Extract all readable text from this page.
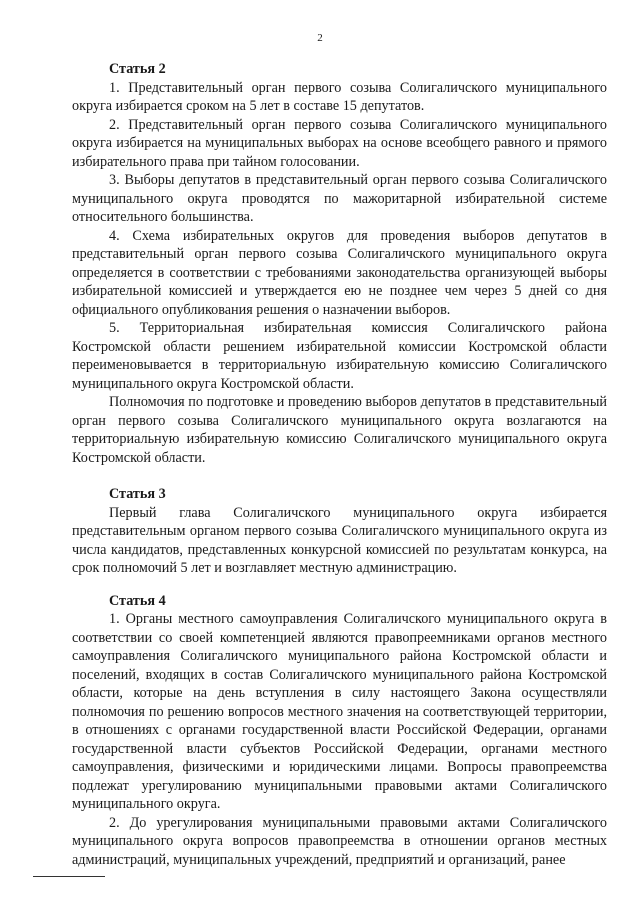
2

Статья 2

1. Представительный орган первого созыва Солигаличского муниципального округа избирается сроком на 5 лет в составе 15 депутатов.

2. Представительный орган первого созыва Солигаличского муниципального округа избирается на муниципальных выборах на основе всеобщего равного и прямого избирательного права при тайном голосовании.

3. Выборы депутатов в представительный орган первого созыва Солигаличского муниципального округа проводятся по мажоритарной избирательной системе относительного большинства.

4. Схема избирательных округов для проведения выборов депутатов в представительный орган первого созыва Солигаличского муниципального округа определяется в соответствии с требованиями законодательства организующей выборы избирательной комиссией и утверждается ею не позднее чем через 5 дней со дня официального опубликования решения о назначении выборов.

5. Территориальная избирательная комиссия Солигаличского района Костромской области решением избирательной комиссии Костромской области переименовывается в территориальную избирательную комиссию Солигаличского муниципального округа Костромской области.

Полномочия по подготовке и проведению выборов депутатов в представительный орган первого созыва Солигаличского муниципального округа возлагаются на территориальную избирательную комиссию Солигаличского муниципального округа Костромской области.

Статья 3

Первый глава Солигаличского муниципального округа избирается представительным органом первого созыва Солигаличского муниципального округа из числа кандидатов, представленных конкурсной комиссией по результатам конкурса, на срок полномочий 5 лет и возглавляет местную администрацию.

Статья 4

1. Органы местного самоуправления Солигаличского муниципального округа в соответствии со своей компетенцией являются правопреемниками органов местного самоуправления Солигаличского муниципального района Костромской области и поселений, входящих в состав Солигаличского муниципального района Костромской области, которые на день вступления в силу настоящего Закона осуществляли полномочия по решению вопросов местного значения на соответствующей территории, в отношениях с органами государственной власти Российской Федерации, органами государственной власти субъектов Российской Федерации, органами местного самоуправления, физическими и юридическими лицами. Вопросы правопреемства подлежат урегулированию муниципальными правовыми актами Солигаличского муниципального округа.

2. До урегулирования муниципальными правовыми актами Солигаличского муниципального округа вопросов правопреемства в отношении органов местных администраций, муниципальных учреждений, предприятий и организаций, ранее
